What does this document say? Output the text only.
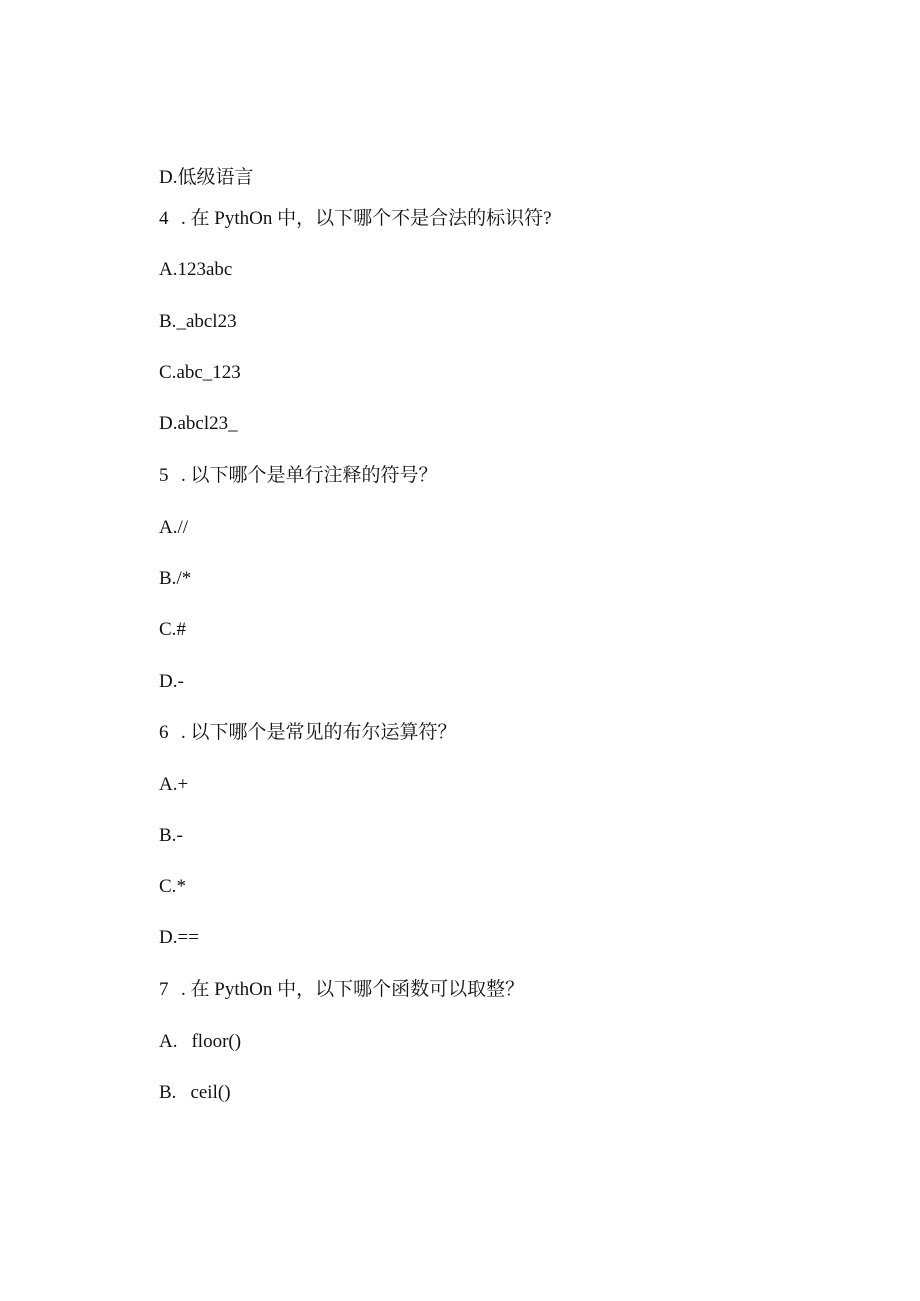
D.低级语言
4 . 在 PythOn 中，以下哪个不是合法的标识符?
A.123abc
B._abcl23
C.abc_123
D.abcl23_
5 . 以下哪个是单行注释的符号？
A.//
B./*
C.#
D.-
6 . 以下哪个是常见的布尔运算符？
A.+
B.-
C.*
D.==
7 . 在 PythOn 中，以下哪个函数可以取整？
A. floor()
B. ceil()
